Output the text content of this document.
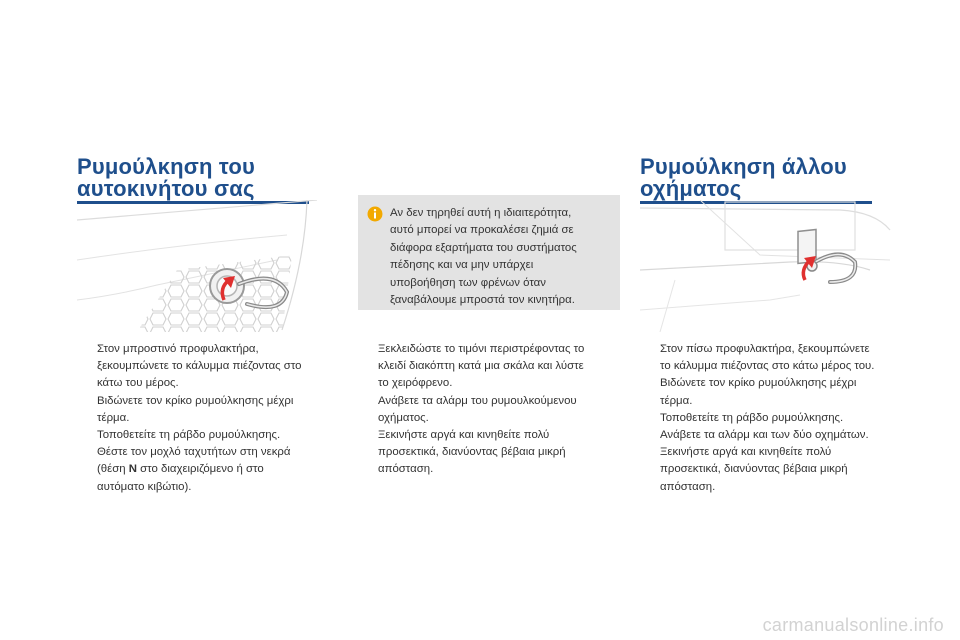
Ρυμούλκηση του
αυτοκινήτου σας
Ρυμούλκηση άλλου
οχήματος
Αν δεν τηρηθεί αυτή η ιδιαιτερότητα,
αυτό μπορεί να προκαλέσει ζημιά σε
διάφορα εξαρτήματα του συστήματος
πέδησης και να μην υπάρχει
υποβοήθηση των φρένων όταν
ξαναβάλουμε μπροστά τον κινητήρα.
Στον μπροστινό προφυλακτήρα,
ξεκουμπώνετε το κάλυμμα πιέζοντας στο
κάτω του μέρος.
Βιδώνετε τον κρίκο ρυμούλκησης μέχρι
τέρμα.
Τοποθετείτε τη ράβδο ρυμούλκησης.
Θέστε τον μοχλό ταχυτήτων στη νεκρά
(θέση N στο διαχειριζόμενο ή στο
αυτόματο κιβώτιο).
Ξεκλειδώστε το τιμόνι περιστρέφοντας το
κλειδί διακόπτη κατά μια σκάλα και λύστε
το χειρόφρενο.
Ανάβετε τα αλάρμ του ρυμουλκούμενου
οχήματος.
Ξεκινήστε αργά και κινηθείτε πολύ
προσεκτικά, διανύοντας βέβαια μικρή
απόσταση.
Στον πίσω προφυλακτήρα, ξεκουμπώνετε
το κάλυμμα πιέζοντας στο κάτω μέρος του.
Βιδώνετε τον κρίκο ρυμούλκησης μέχρι
τέρμα.
Τοποθετείτε τη ράβδο ρυμούλκησης.
Ανάβετε τα αλάρμ και των δύο οχημάτων.
Ξεκινήστε αργά και κινηθείτε πολύ
προσεκτικά, διανύοντας βέβαια μικρή
απόσταση.
carmanualsonline.info
